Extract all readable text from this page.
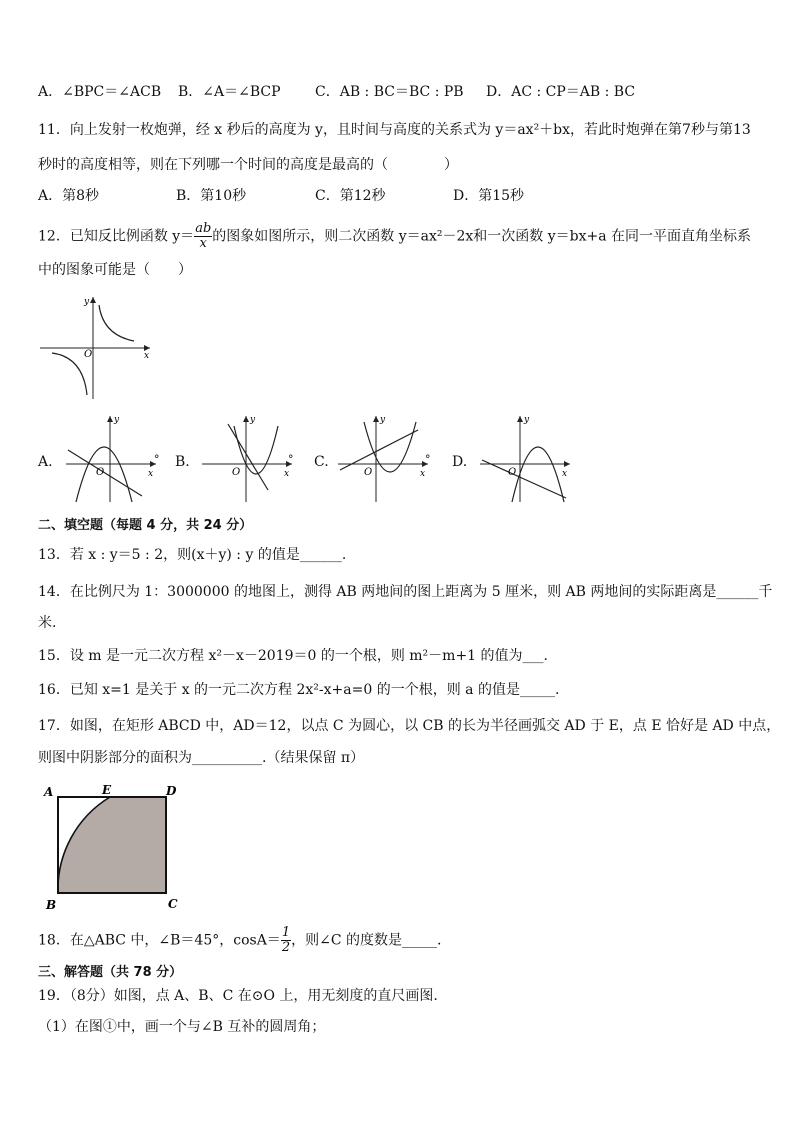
A．∠BPC＝∠ACB B．∠A＝∠BCP C．AB : BC＝BC : PB D．AC : CP＝AB : BC
11．向上发射一枚炮弹，经 x 秒后的高度为 y，且时间与高度的关系式为 y＝ax²＋bx，若此时炮弹在第7秒与第13
秒时的高度相等，则在下列哪一个时间的高度是最高的（　　　　）
A．第8秒	B．第10秒	C．第12秒	D．第15秒
12．已知反比例函数 $y= \frac{ab}{x}$ 的图象如图所示，则二次函数 y＝ax²－2x和一次函数 y＝bx+a 在同一平面直角坐标系
中的图象可能是（　　）
O	x
y
A.
O	x
y
° B.
O	x
y
° C.
O	x
y
° D.
O	x
y
二、填空题（每题 4 分，共 24 分）
13．若 x : y＝5 : 2，则(x＋y) : y 的值是______.
14．在比例尺为 1：3000000 的地图上，测得 AB 两地间的图上距离为 5 厘米，则 AB 两地间的实际距离是______千
米.
15．设 m 是一元二次方程 x²－x－2019＝0 的一个根，则 m²－m+1 的值为___.
16．已知 x=1 是关于 x 的一元二次方程 2x²-x+a=0 的一个根，则 a 的值是_____.
17．如图，在矩形 ABCD 中，AD＝12，以点 C 为圆心，以 CB 的长为半径画弧交 AD 于 E，点 E 恰好是 AD 中点，
则图中阴影部分的面积为__________.（结果保留 π）
A	E	D
B	C
18．在△ABC 中，∠B＝45°，$\cos A= \frac{1}{2}$ ，则∠C 的度数是_____.
三、解答题（共 78 分）
19．（8分）如图，点 A、B、C 在⊙O 上，用无刻度的直尺画图.
（1）在图①中，画一个与∠B 互补的圆周角；
